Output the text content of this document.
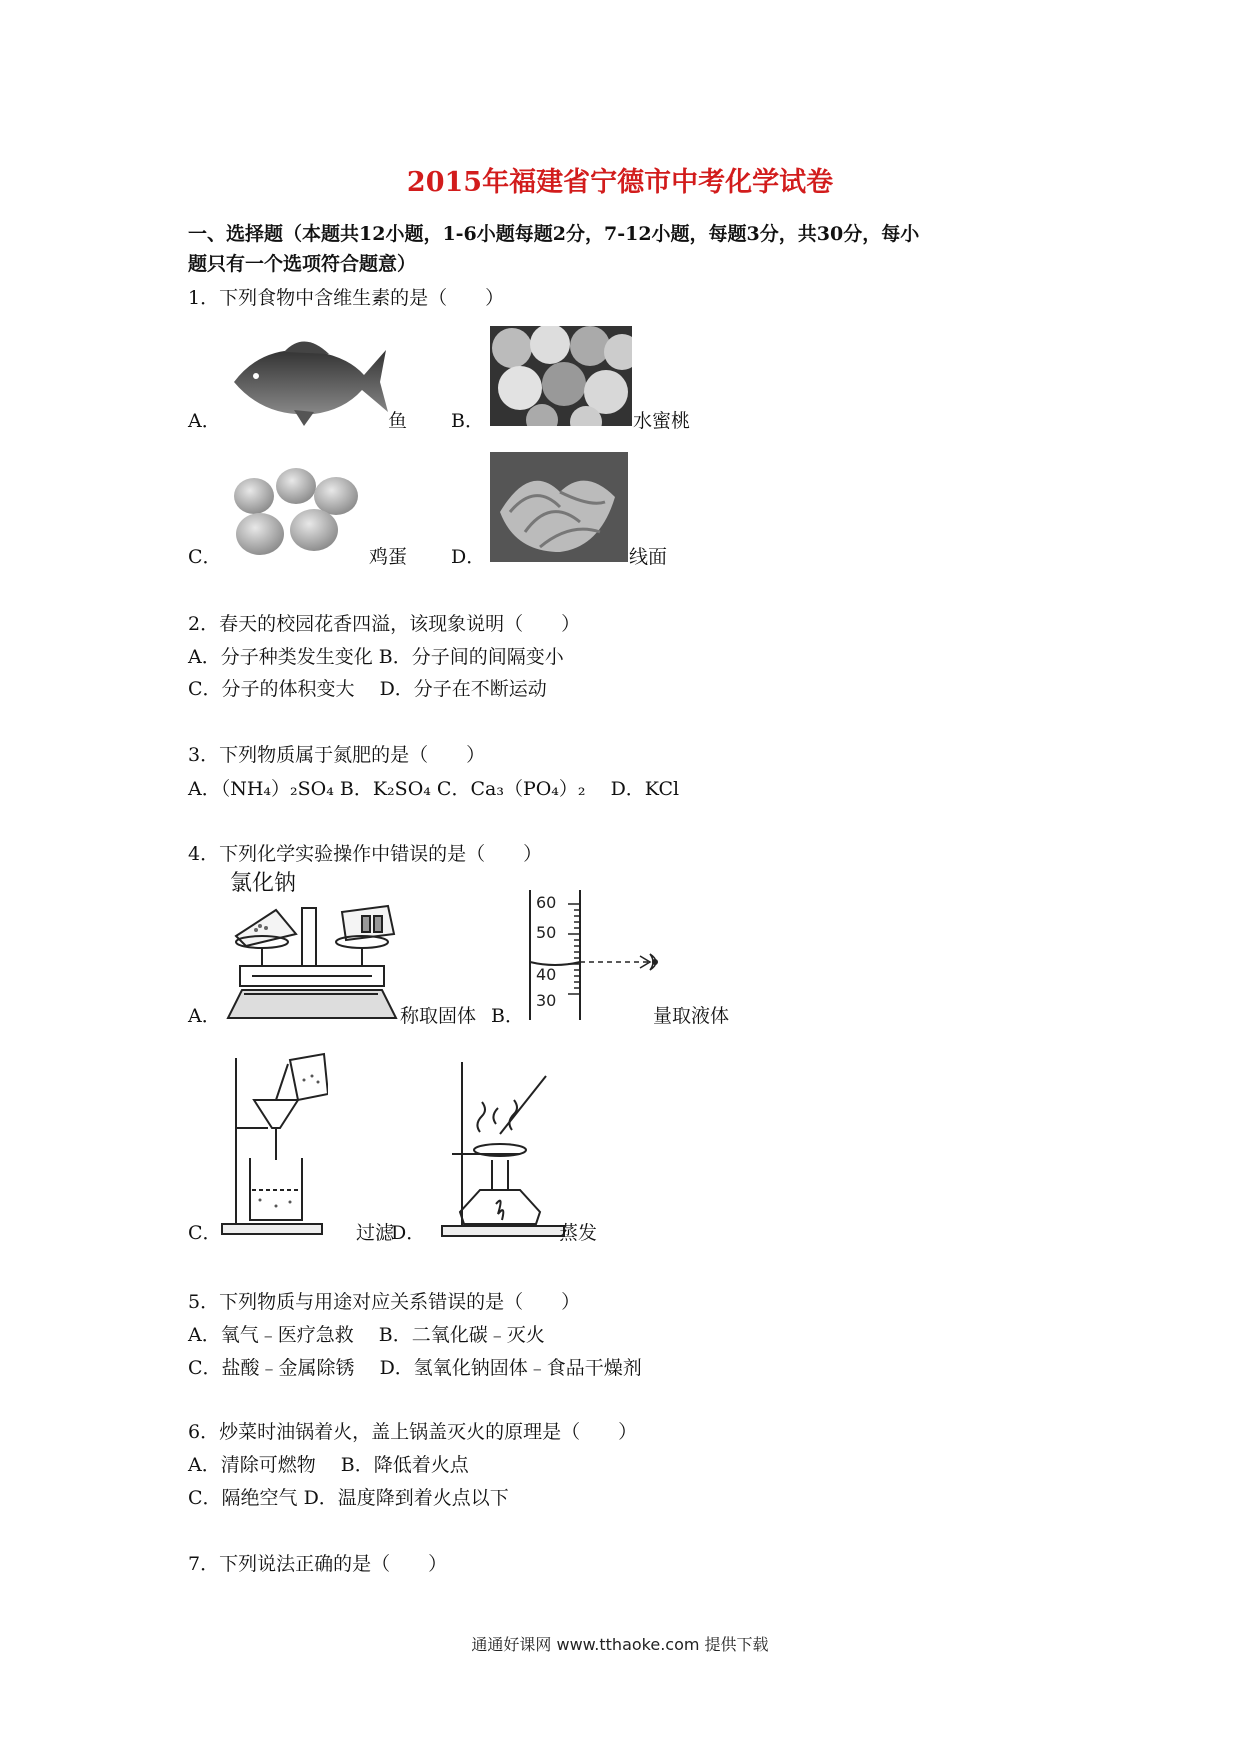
2015年福建省宁德市中考化学试卷
一、选择题（本题共12小题，1-6小题每题2分，7-12小题，每题3分，共30分，每小
题只有一个选项符合题意）
1．下列食物中含维生素的是（　　）
A．	鱼 B．	水蜜桃
C．	鸡蛋 D．	线面
2．春天的校园花香四溢，该现象说明（　　）
A．分子种类发生变化 B．分子间的间隔变小
C．分子的体积变大　 D．分子在不断运动
3．下列物质属于氮肥的是（　　）
A．（NH₄）₂SO₄ B．K₂SO₄ C．Ca₃（PO₄）₂　 D．KCl
4．下列化学实验操作中错误的是（　　）
A．
氯化钠
称取固体 B．
60
50
40
30
量取液体
C．	过滤
D．	蒸发
5．下列物质与用途对应关系错误的是（　　）
A．氧气﹣医疗急救　 B．二氧化碳﹣灭火
C．盐酸﹣金属除锈　 D．氢氧化钠固体﹣食品干燥剂
6．炒菜时油锅着火，盖上锅盖灭火的原理是（　　）
A．清除可燃物　 B．降低着火点
C．隔绝空气 D．温度降到着火点以下
7．下列说法正确的是（　　）
通通好课网 www.tthaoke.com 提供下载
